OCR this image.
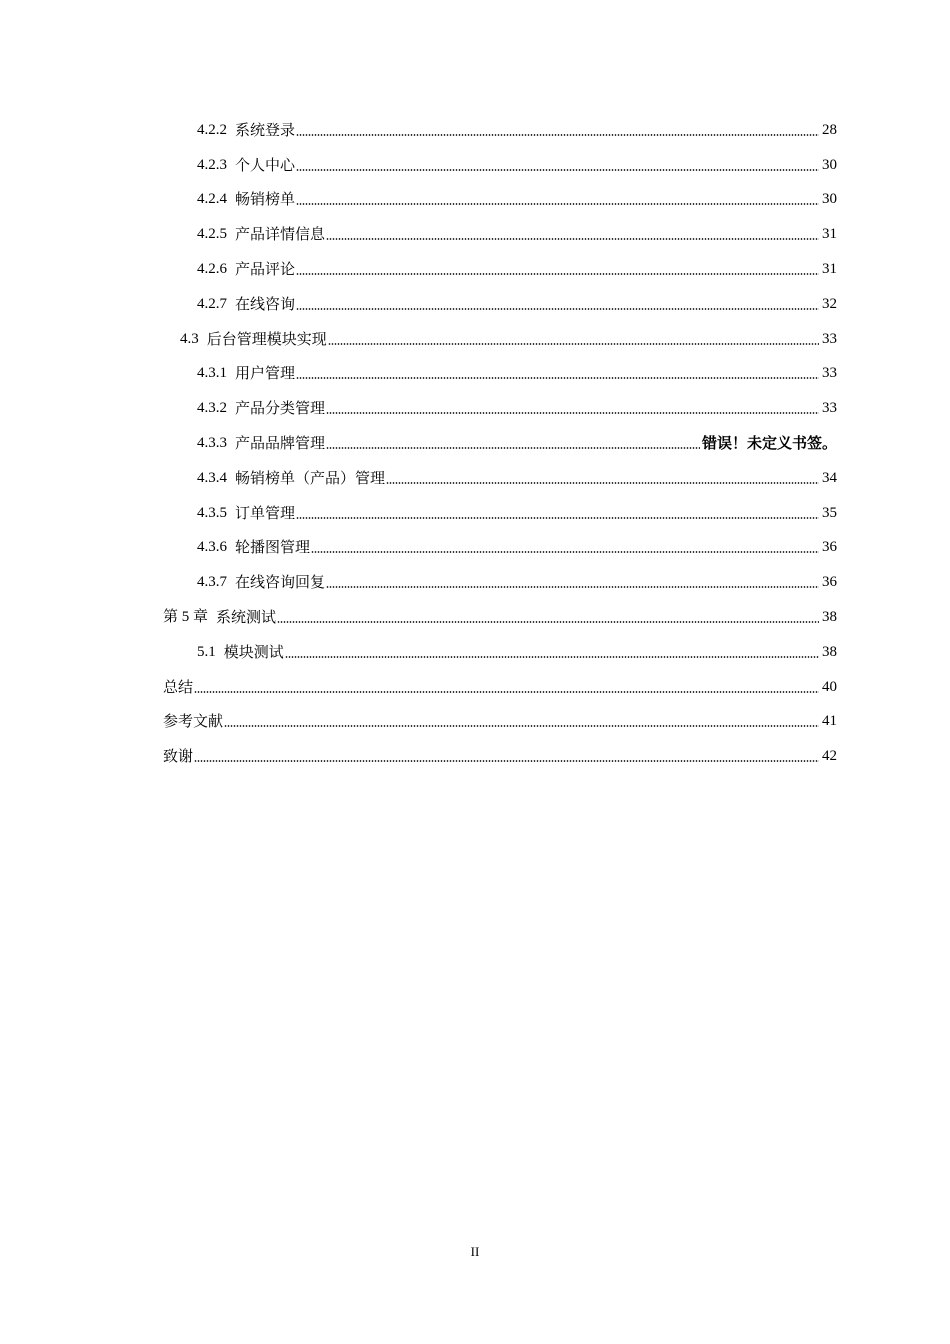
4.2.2 系统登录	28
4.2.3 个人中心	30
4.2.4 畅销榜单	30
4.2.5 产品详情信息	31
4.2.6 产品评论	31
4.2.7 在线咨询	32
4.3 后台管理模块实现	33
4.3.1 用户管理	33
4.3.2 产品分类管理	33
4.3.3 产品品牌管理	错误！未定义书签。
4.3.4 畅销榜单（产品）管理	34
4.3.5 订单管理	35
4.3.6 轮播图管理	36
4.3.7 在线咨询回复	36
第 5 章 系统测试	38
5.1 模块测试	38
总结	40
参考文献	41
致谢	42
II
